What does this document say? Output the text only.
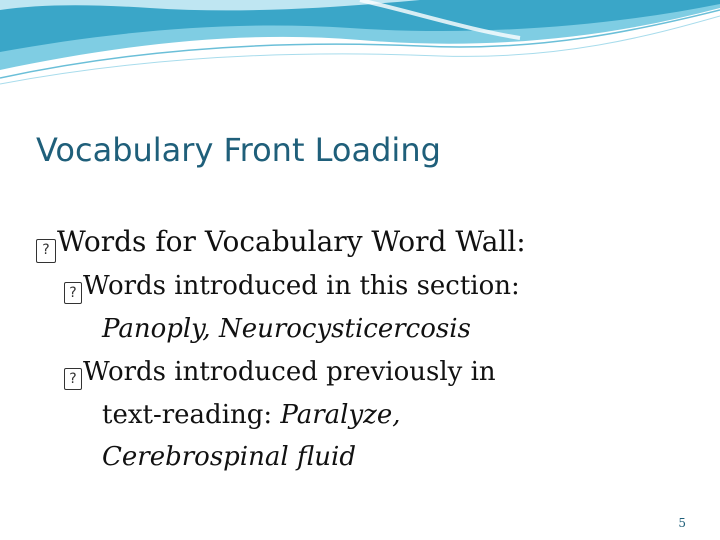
Vocabulary Front Loading
? Words for Vocabulary Word Wall:
? Words introduced in this section:
Panoply, Neurocysticercosis
? Words introduced previously in
text-reading: Paralyze,
Cerebrospinal fluid
5
